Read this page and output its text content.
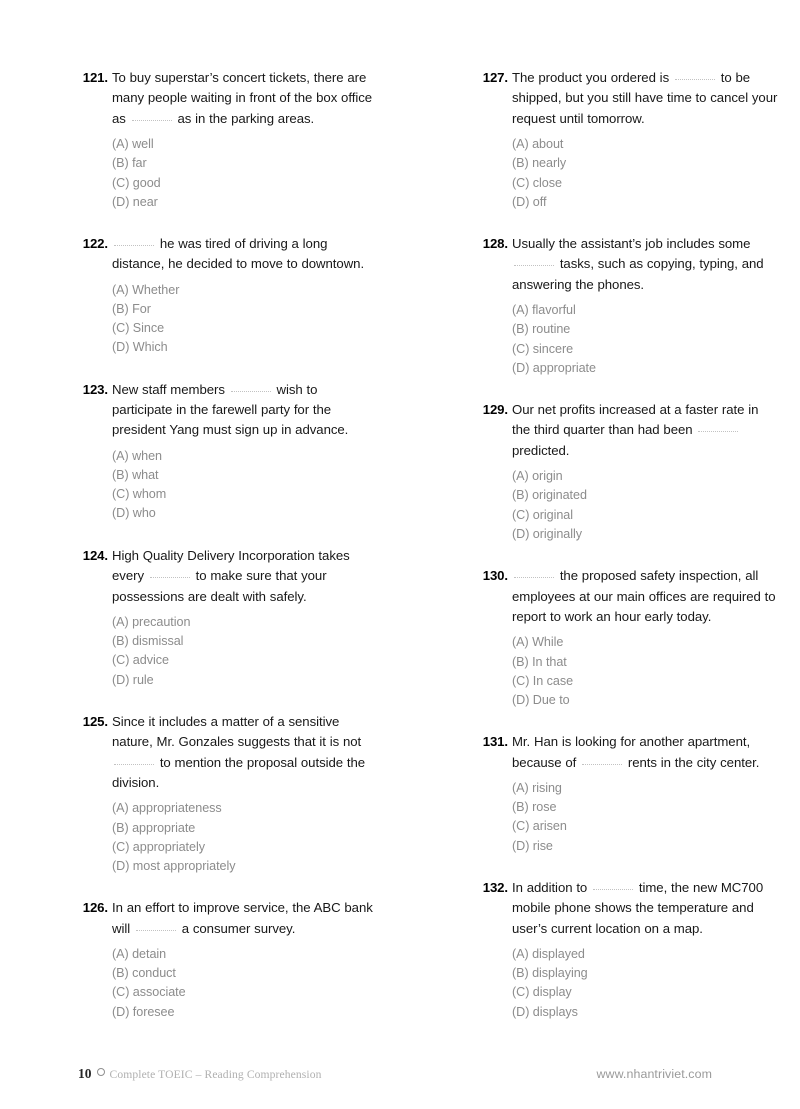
121. To buy superstar’s concert tickets, there are many people waiting in front of the box office as	as in the parking areas.

(A) well
(B) far
(C) good
(D) near
122.	he was tired of driving a long distance, he decided to move to downtown.

(A) Whether
(B) For
(C) Since
(D) Which
123. New staff members	wish to participate in the farewell party for the president Yang must sign up in advance.

(A) when
(B) what
(C) whom
(D) who
124. High Quality Delivery Incorporation takes every	to make sure that your possessions are dealt with safely.

(A) precaution
(B) dismissal
(C) advice
(D) rule
125. Since it includes a matter of a sensitive nature, Mr. Gonzales suggests that it is not  to mention the proposal outside the division.

(A) appropriateness
(B) appropriate
(C) appropriately
(D) most appropriately
126. In an effort to improve service, the ABC bank will	a consumer survey.

(A) detain
(B) conduct
(C) associate
(D) foresee
127. The product you ordered is	to be shipped, but you still have time to cancel your request until tomorrow.

(A) about
(B) nearly
(C) close
(D) off
128. Usually the assistant’s job includes some  tasks, such as copying, typing, and answering the phones.

(A) flavorful
(B) routine
(C) sincere
(D) appropriate
129. Our net profits increased at a faster rate in the third quarter than had been  predicted.

(A) origin
(B) originated
(C) original
(D) originally
130.	the proposed safety inspection, all employees at our main offices are required to report to work an hour early today.

(A) While
(B) In that
(C) In case
(D) Due to
131. Mr. Han is looking for another apartment, because of	rents in the city center.

(A) rising
(B) rose
(C) arisen
(D) rise
132. In addition to	time, the new MC700 mobile phone shows the temperature and user’s current location on a map.

(A) displayed
(B) displaying
(C) display
(D) displays
10 Complete TOEIC – Reading Comprehension	www.nhantriviet.com
